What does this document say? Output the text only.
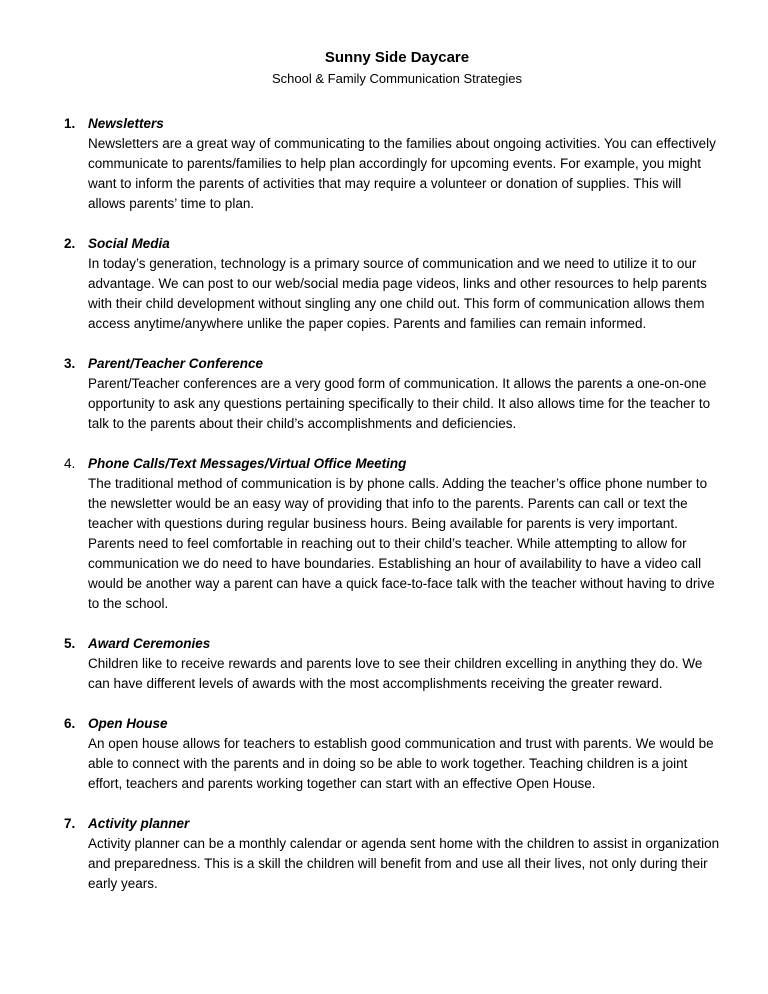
Sunny Side Daycare

School & Family Communication Strategies

1. Newsletters

Newsletters are a great way of communicating to the families about ongoing activities. You can effectively communicate to parents/families to help plan accordingly for upcoming events. For example, you might want to inform the parents of activities that may require a volunteer or donation of supplies. This will allows parents’ time to plan.

2. Social Media

In today’s generation, technology is a primary source of communication and we need to utilize it to our advantage. We can post to our web/social media page videos, links and other resources to help parents with their child development without singling any one child out. This form of communication allows them access anytime/anywhere unlike the paper copies. Parents and families can remain informed.

3. Parent/Teacher Conference

Parent/Teacher conferences are a very good form of communication. It allows the parents a one-on-one opportunity to ask any questions pertaining specifically to their child. It also allows time for the teacher to talk to the parents about their child’s accomplishments and deficiencies.

4. Phone Calls/Text Messages/Virtual Office Meeting

The traditional method of communication is by phone calls. Adding the teacher’s office phone number to the newsletter would be an easy way of providing that info to the parents. Parents can call or text the teacher with questions during regular business hours. Being available for parents is very important. Parents need to feel comfortable in reaching out to their child’s teacher. While attempting to allow for communication we do need to have boundaries. Establishing an hour of availability to have a video call would be another way a parent can have a quick face-to-face talk with the teacher without having to drive to the school.

5. Award Ceremonies

Children like to receive rewards and parents love to see their children excelling in anything they do. We can have different levels of awards with the most accomplishments receiving the greater reward.

6. Open House

An open house allows for teachers to establish good communication and trust with parents. We would be able to connect with the parents and in doing so be able to work together. Teaching children is a joint effort, teachers and parents working together can start with an effective Open House.

7. Activity planner

Activity planner can be a monthly calendar or agenda sent home with the children to assist in organization and preparedness. This is a skill the children will benefit from and use all their lives, not only during their early years.
